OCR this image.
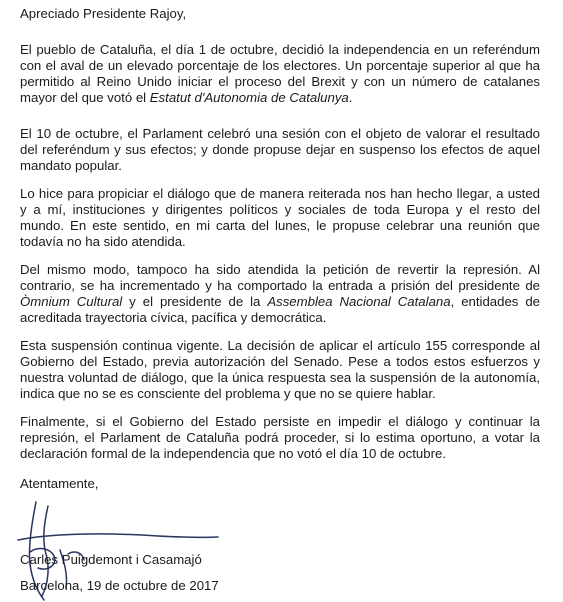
Apreciado Presidente Rajoy,

El pueblo de Cataluña, el día 1 de octubre, decidió la independencia en un referéndum con el aval de un elevado porcentaje de los electores. Un porcentaje superior al que ha permitido al Reino Unido iniciar el proceso del Brexit y con un número de catalanes mayor del que votó el Estatut d'Autonomia de Catalunya.

El 10 de octubre, el Parlament celebró una sesión con el objeto de valorar el resultado del referéndum y sus efectos; y donde propuse dejar en suspenso los efectos de aquel mandato popular.

Lo hice para propiciar el diálogo que de manera reiterada nos han hecho llegar, a usted y a mí, instituciones y dirigentes políticos y sociales de toda Europa y el resto del mundo. En este sentido, en mi carta del lunes, le propuse celebrar una reunión que todavía no ha sido atendida.

Del mismo modo, tampoco ha sido atendida la petición de revertir la represión. Al contrario, se ha incrementado y ha comportado la entrada a prisión del presidente de Òmnium Cultural y el presidente de la Assemblea Nacional Catalana, entidades de acreditada trayectoria cívica, pacífica y democrática.

Esta suspensión continua vigente. La decisión de aplicar el artículo 155 corresponde al Gobierno del Estado, previa autorización del Senado. Pese a todos estos esfuerzos y nuestra voluntad de diálogo, que la única respuesta sea la suspensión de la autonomía, indica que no se es consciente del problema y que no se quiere hablar.

Finalmente, si el Gobierno del Estado persiste en impedir el diálogo y continuar la represión, el Parlament de Cataluña podrá proceder, si lo estima oportuno, a votar la declaración formal de la independencia que no votó el día 10 de octubre.

Atentamente,

Carles Puigdemont i Casamajó

Barcelona, 19 de octubre de 2017
